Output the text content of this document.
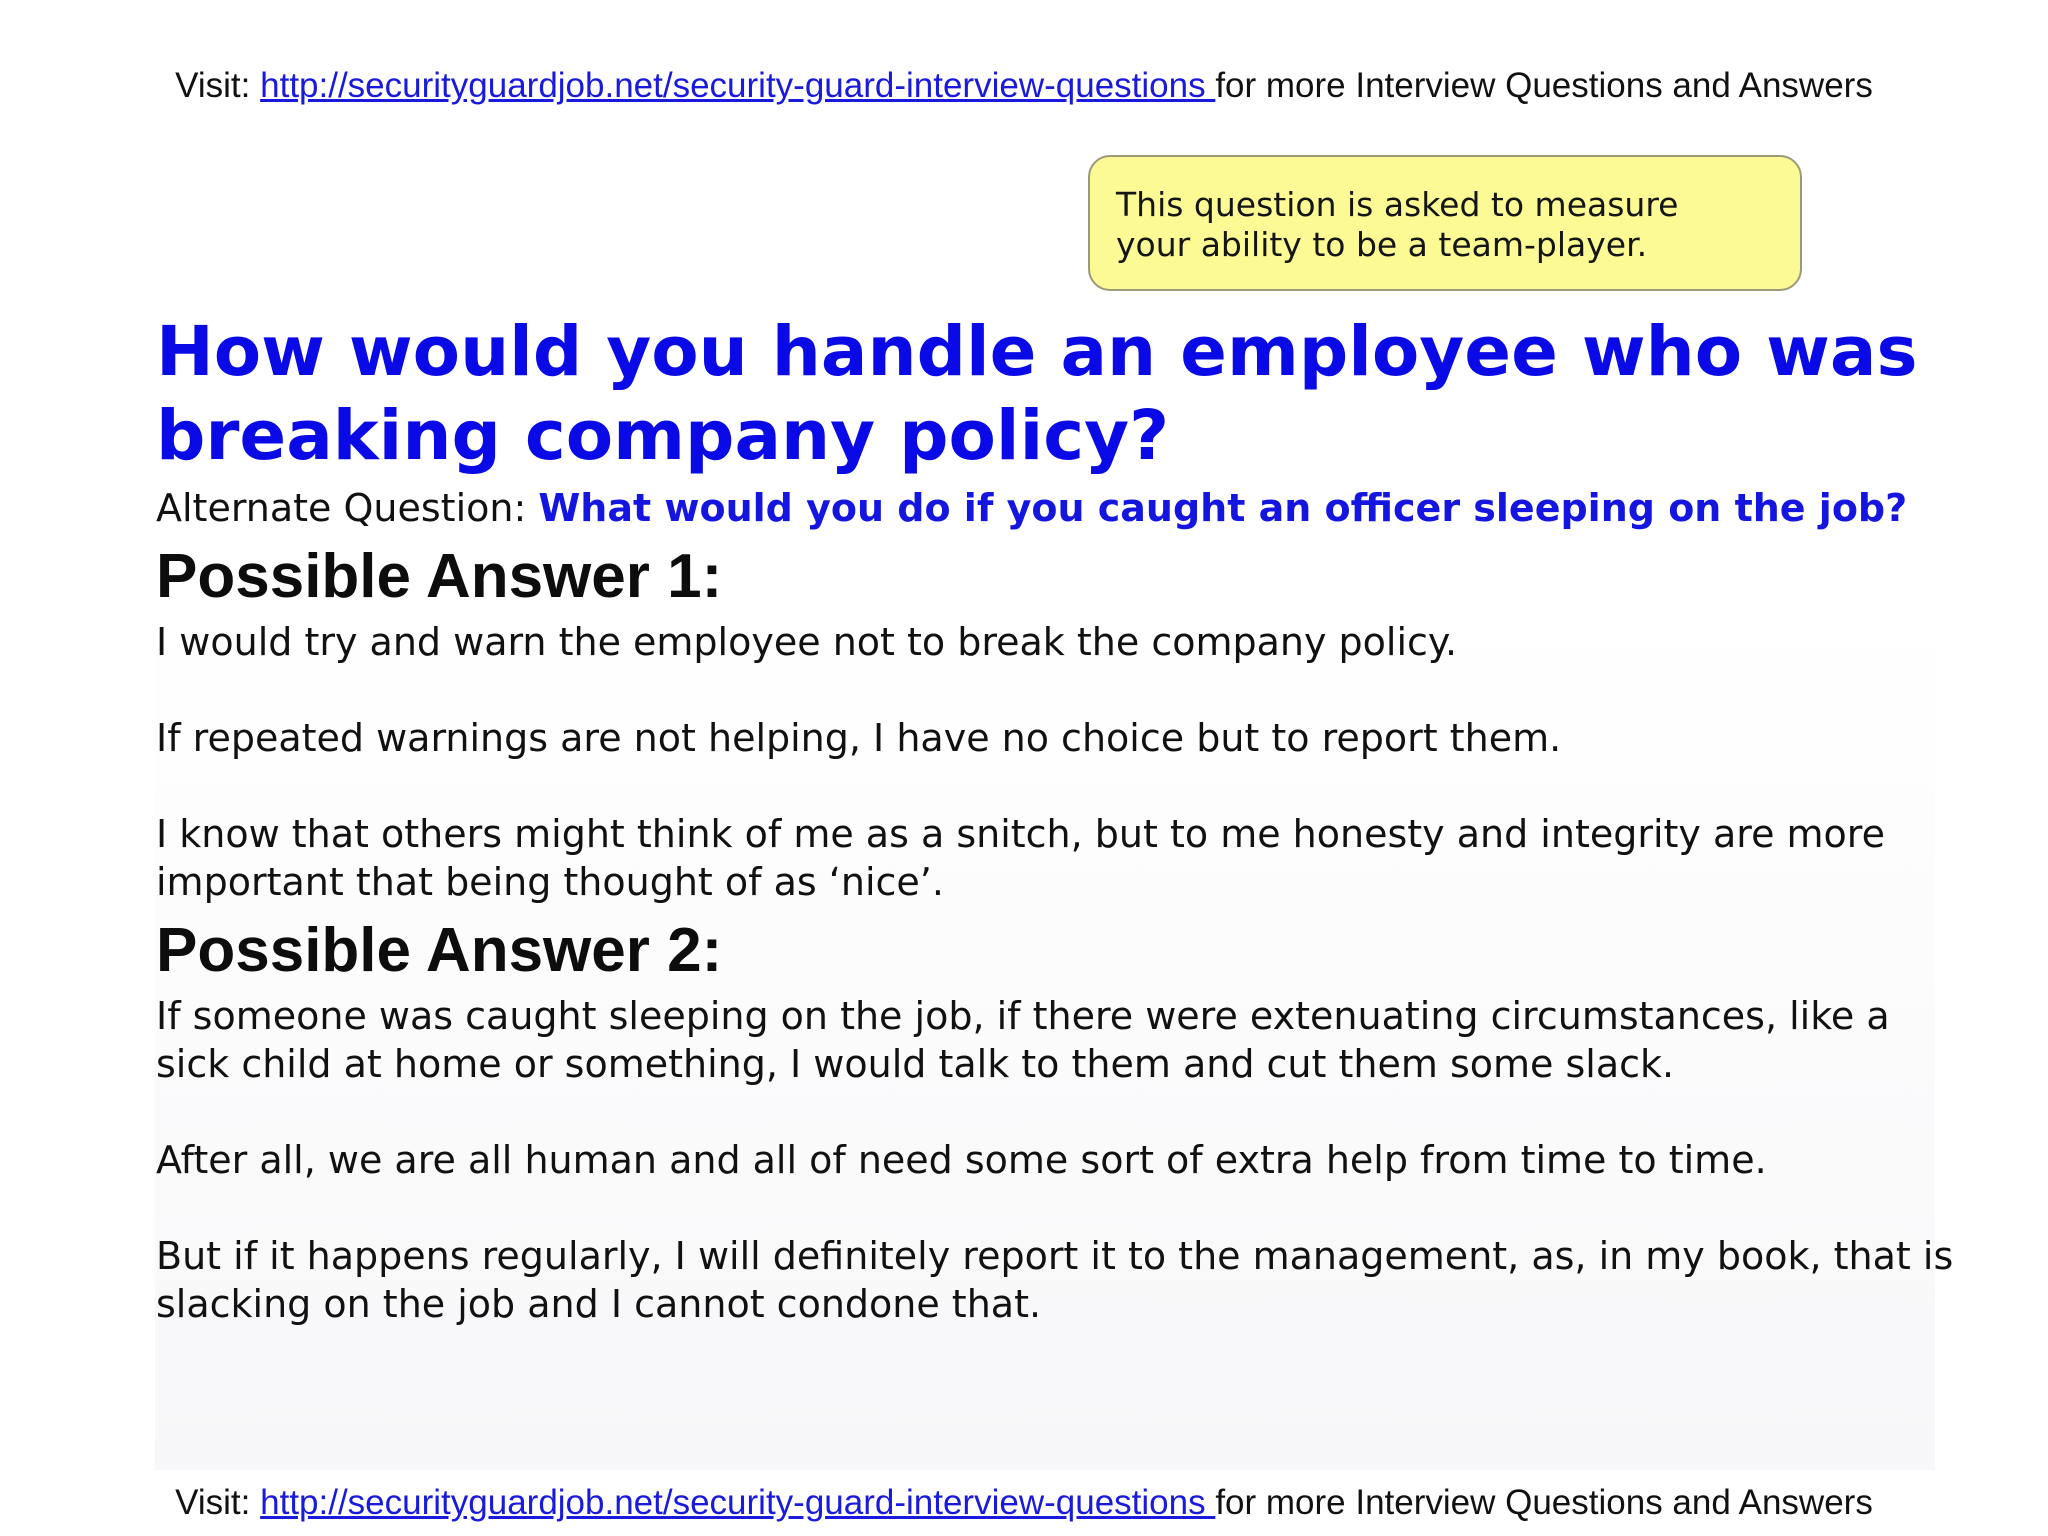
Visit: http://securityguardjob.net/security-guard-interview-questions for more Interview Questions and Answers
This question is asked to measure
your ability to be a team-player.
How would you handle an employee who was breaking company policy?

Alternate Question: What would you do if you caught an officer sleeping on the job?

Possible Answer 1:

I would try and warn the employee not to break the company policy.

If repeated warnings are not helping, I have no choice but to report them.

I know that others might think of me as a snitch, but to me honesty and integrity are more important that being thought of as ‘nice’.

Possible Answer 2:

If someone was caught sleeping on the job, if there were extenuating circumstances, like a sick child at home or something, I would talk to them and cut them some slack.

After all, we are all human and all of need some sort of extra help from time to time.

But if it happens regularly, I will definitely report it to the management, as, in my book, that is slacking on the job and I cannot condone that.

Visit: http://securityguardjob.net/security-guard-interview-questions for more Interview Questions and Answers
